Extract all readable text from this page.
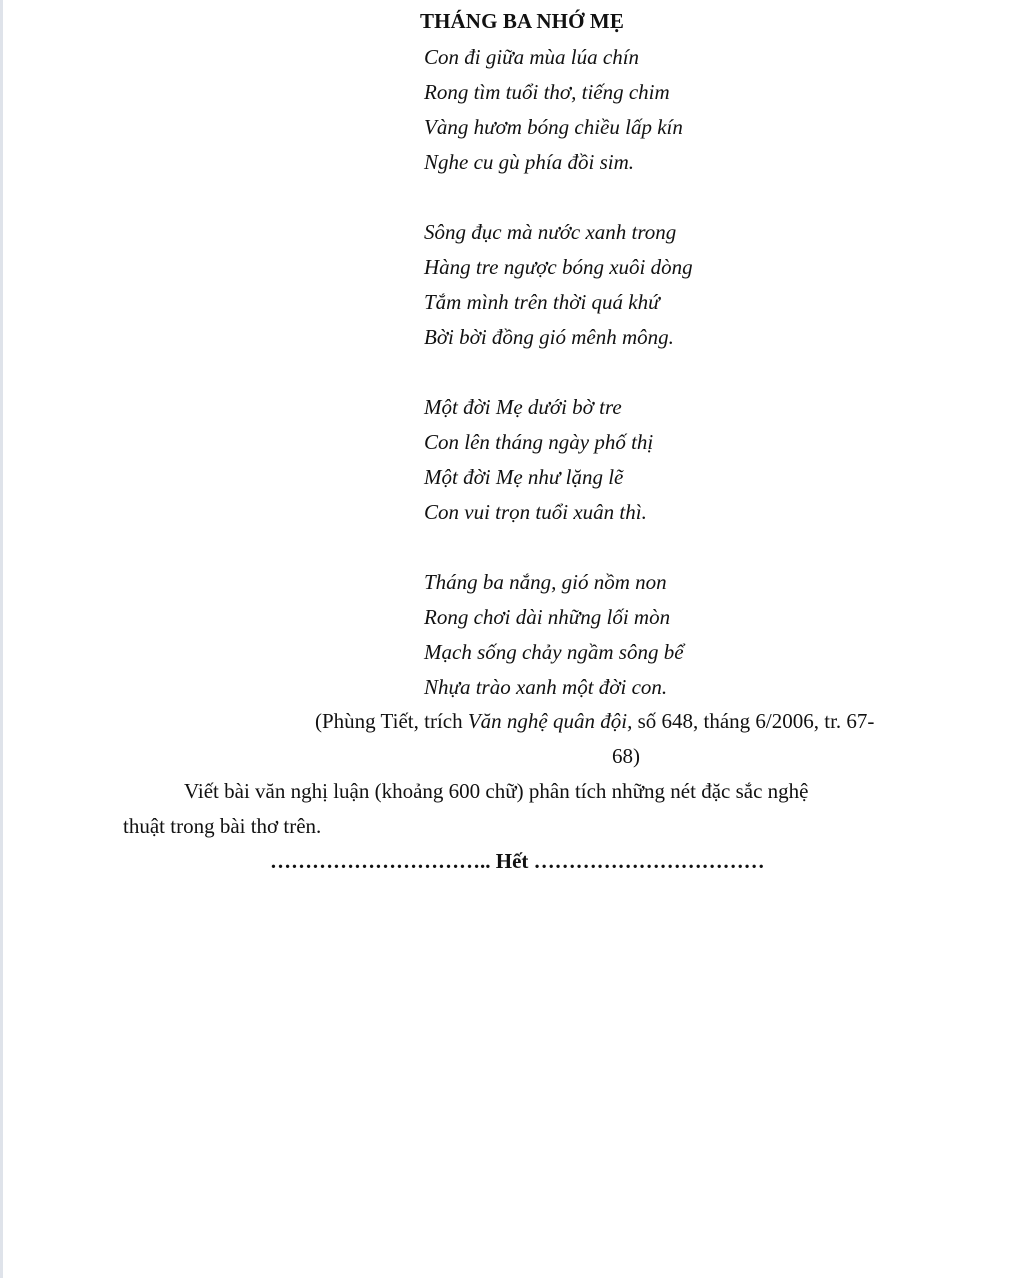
THÁNG BA NHỚ MẸ
Con đi giữa mùa lúa chín
Rong tìm tuổi thơ, tiếng chim
Vàng hươm bóng chiều lấp kín
Nghe cu gù phía đồi sim.
Sông đục mà nước xanh trong
Hàng tre ngược bóng xuôi dòng
Tắm mình trên thời quá khứ
Bời bời đồng gió mênh mông.
Một đời Mẹ dưới bờ tre
Con lên tháng ngày phố thị
Một đời Mẹ như lặng lẽ
Con vui trọn tuổi xuân thì.
Tháng ba nắng, gió nồm non
Rong chơi dài những lối mòn
Mạch sống chảy ngầm sông bể
Nhựa trào xanh một đời con.
(Phùng Tiết, trích Văn nghệ quân đội, số 648, tháng 6/2006, tr. 67-
68)
Viết bài văn nghị luận (khoảng 600 chữ) phân tích những nét đặc sắc nghệ
thuật trong bài thơ trên.
………………………….. Hết ……………………………
